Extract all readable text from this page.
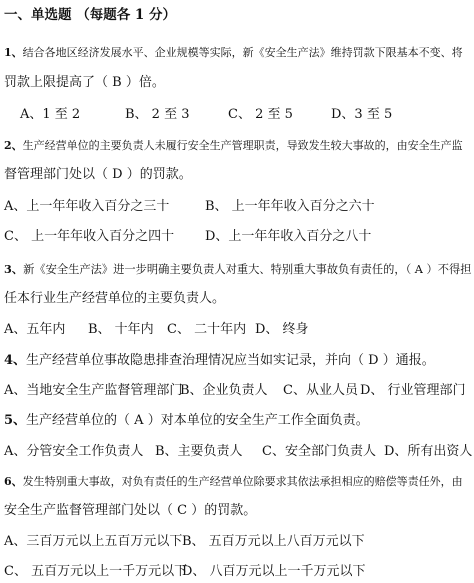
一、单选题 （每题各 1 分）
1、结合各地区经济发展水平、企业规模等实际，新《安全生产法》维持罚款下限基本不变、将
罚款上限提高了（ B ）倍。
A、1 至 2	B、 2 至 3	C、 2 至 5	D、3 至 5
2、生产经营单位的主要负责人未履行安全生产管理职责，导致发生较大事故的，由安全生产监
督管理部门处以（ D ）的罚款。
A、上一年年收入百分之三十	B、 上一年年收入百分之六十
C、 上一年年收入百分之四十 D、上一年年收入百分之八十
3、新《安全生产法》进一步明确主要负责人对重大、特别重大事故负有责任的，（ A ）不得担
任本行业生产经营单位的主要负责人。
A、五年内 B、 十年内 C、 二十年内 D、 终身
4、生产经营单位事故隐患排查治理情况应当如实记录，并向（ D ）通报。
A、当地安全生产监督管理部门
B、企业负责人 C、从业人员 D、 行业管理部门
5、生产经营单位的（ A ）对本单位的安全生产工作全面负责。
A、分管安全工作负责人 B、主要负责人 C、安全部门负责人 D、所有出资人
6、发生特别重大事故，对负有责任的生产经营单位除要求其依法承担相应的赔偿等责任外，由
安全生产监督管理部门处以（ C ）的罚款。
A、三百万元以上五百万元以下 B、 五百万元以上八百万元以下
C、 五百万元以上一千万元以下
D、 八百万元以上一千万元以下
